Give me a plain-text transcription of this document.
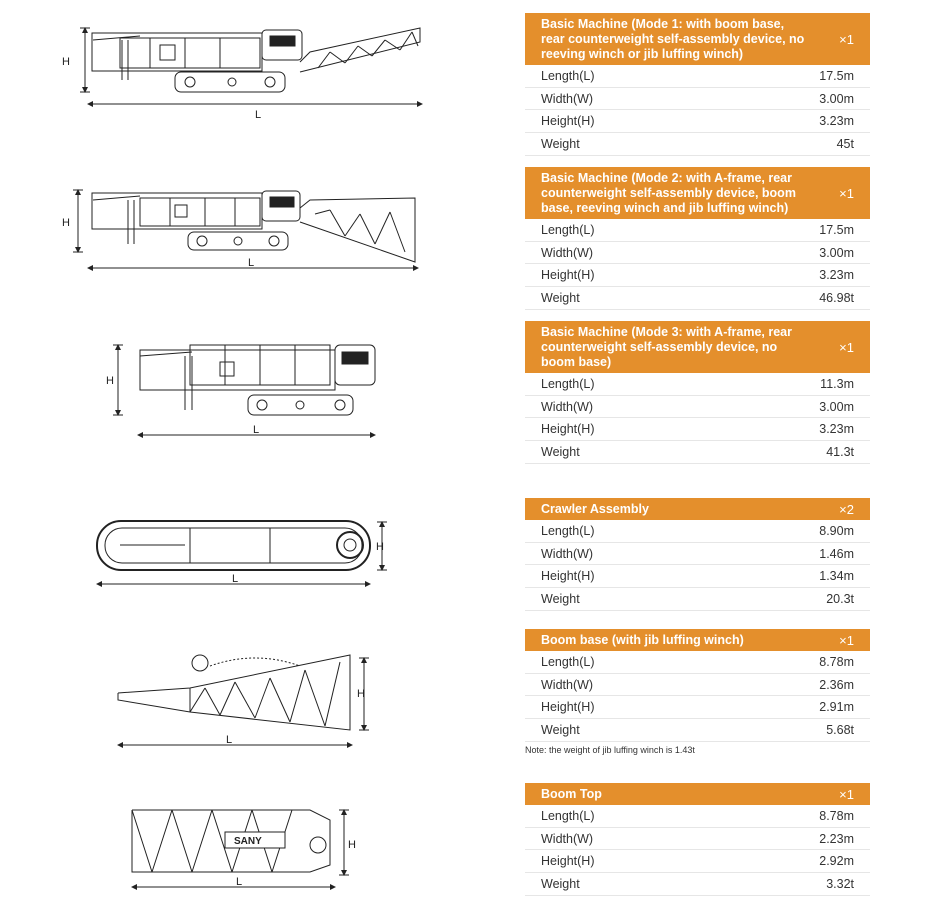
H
L
H
L
H
L
H
L
H
L
H
L
SANY
Basic Machine (Mode 1: with boom base, rear counterweight self-assembly device, no reeving winch or jib luffing winch)
×1
Length(L)	17.5m
Width(W)	3.00m
Height(H)	3.23m
Weight	45t
Basic Machine (Mode 2: with A-frame, rear counterweight self-assembly device, boom base, reeving winch and jib luffing winch)
×1
Length(L)	17.5m
Width(W)	3.00m
Height(H)	3.23m
Weight	46.98t
Basic Machine (Mode 3: with A-frame, rear counterweight self-assembly device, no boom base)
×1
Length(L)	11.3m
Width(W)	3.00m
Height(H)	3.23m
Weight	41.3t
Crawler Assembly	×2
Length(L)	8.90m
Width(W)	1.46m
Height(H)	1.34m
Weight	20.3t
Boom base (with jib luffing winch)	×1
Length(L)	8.78m
Width(W)	2.36m
Height(H)	2.91m
Weight	5.68t
Note: the weight of jib luffing winch is 1.43t
Boom Top	×1
Length(L)	8.78m
Width(W)	2.23m
Height(H)	2.92m
Weight	3.32t
